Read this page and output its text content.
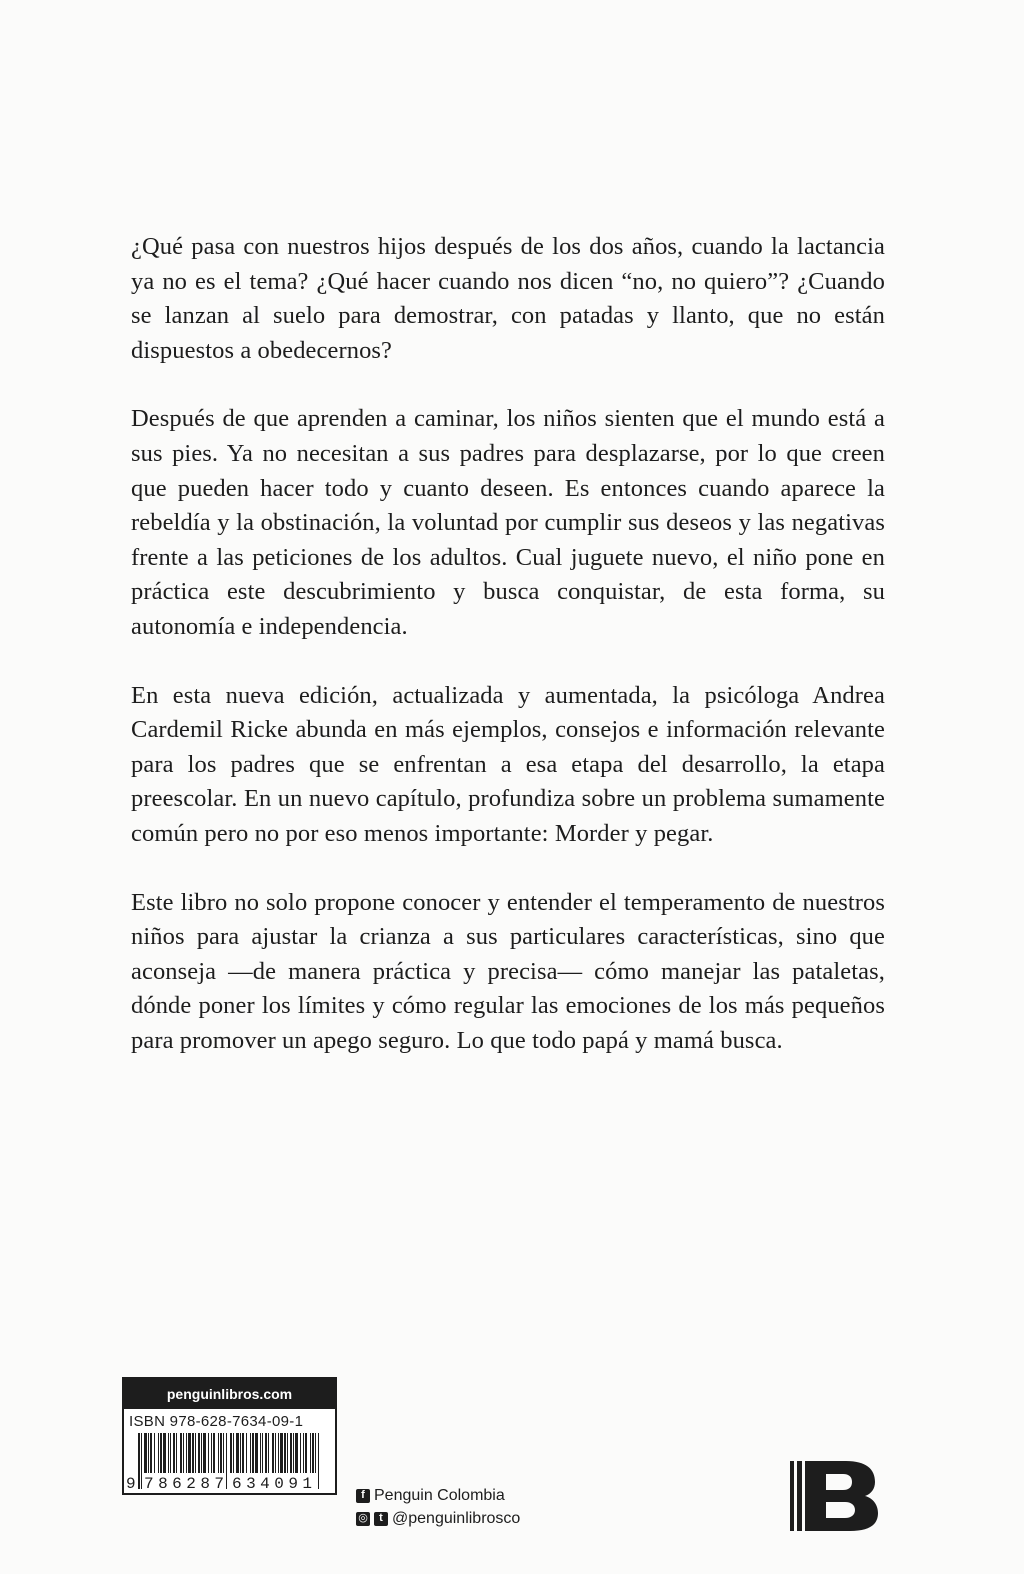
¿Qué pasa con nuestros hijos después de los dos años, cuando la lactancia ya no es el tema? ¿Qué hacer cuando nos dicen “no, no quiero”? ¿Cuando se lanzan al suelo para demostrar, con patadas y llanto, que no están dispuestos a obedecernos?

Después de que aprenden a caminar, los niños sienten que el mundo está a sus pies. Ya no necesitan a sus padres para desplazarse, por lo que creen que pueden hacer todo y cuanto deseen. Es entonces cuando aparece la rebeldía y la obstinación, la voluntad por cumplir sus deseos y las negativas frente a las peticiones de los adultos. Cual juguete nuevo, el niño pone en práctica este descubrimiento y busca conquistar, de esta forma, su autonomía e independencia.

En esta nueva edición, actualizada y aumentada, la psicóloga Andrea Cardemil Ricke abunda en más ejemplos, consejos e información relevante para los padres que se enfrentan a esa etapa del desarrollo, la etapa preescolar. En un nuevo capítulo, profundiza sobre un problema sumamente común pero no por eso menos importante: Morder y pegar.

Este libro no solo propone conocer y entender el temperamento de nuestros niños para ajustar la crianza a sus particulares características, sino que aconseja —de manera práctica y precisa— cómo manejar las pataletas, dónde poner los límites y cómo regular las emociones de los más pequeños para promover un apego seguro. Lo que todo papá y mamá busca.

penguinlibros.com
ISBN 978-628-7634-09-1
9 786287 634091
f Penguin Colombia
◎	t @penguinlibrosco
